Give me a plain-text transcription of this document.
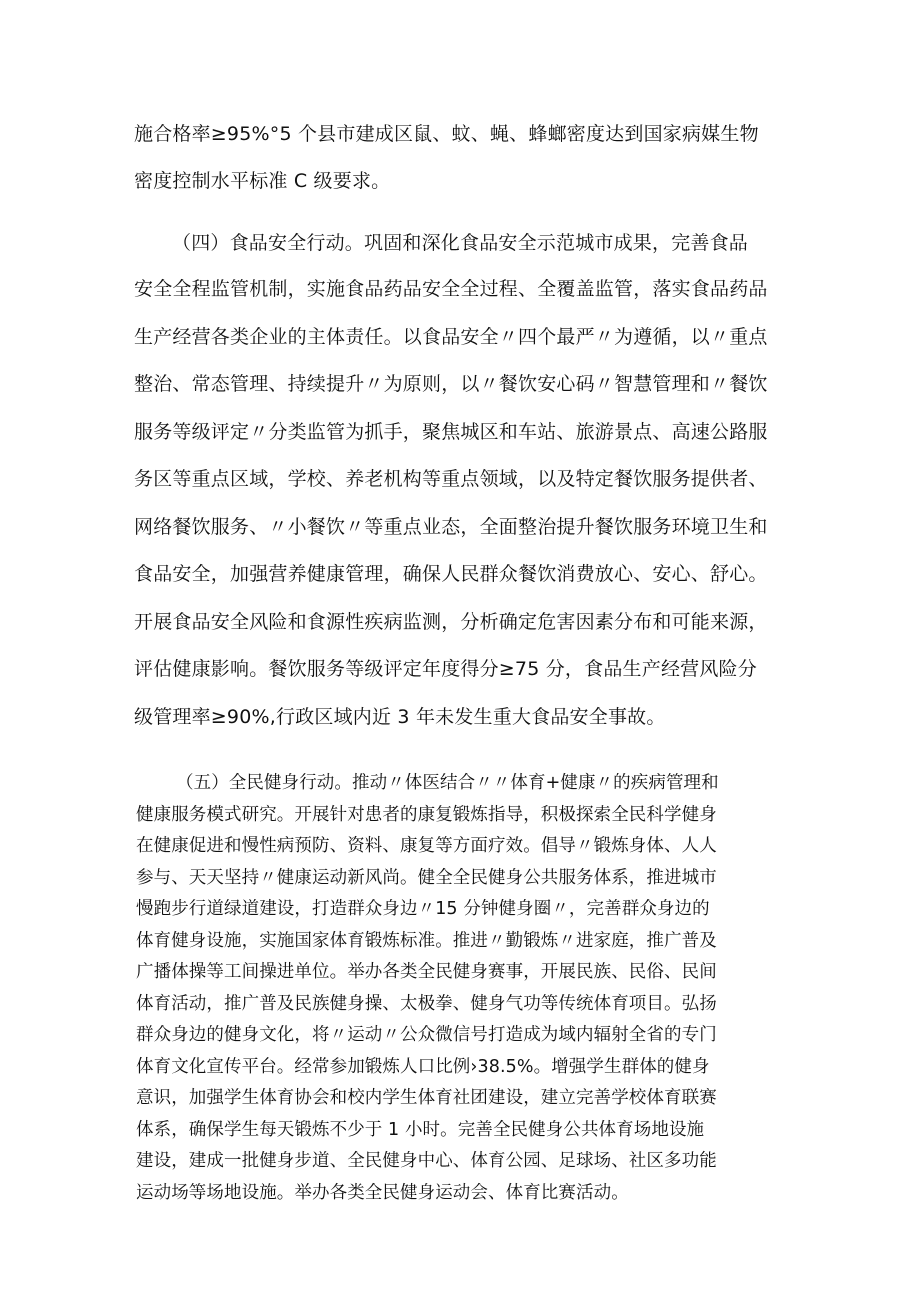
施合格率≥95%°5 个县市建成区鼠、蚊、蝇、蜂螂密度达到国家病媒生物

密度控制水平标准 C 级要求。

（四）食品安全行动。巩固和深化食品安全示范城市成果，完善食品

安全全程监管机制，实施食品药品安全全过程、全覆盖监管，落实食品药品

生产经营各类企业的主体责任。以食品安全〃四个最严〃为遵循，以〃重点

整治、常态管理、持续提升〃为原则，以〃餐饮安心码〃智慧管理和〃餐饮

服务等级评定〃分类监管为抓手，聚焦城区和车站、旅游景点、高速公路服

务区等重点区域，学校、养老机构等重点领域，以及特定餐饮服务提供者、

网络餐饮服务、〃小餐饮〃等重点业态，全面整治提升餐饮服务环境卫生和

食品安全，加强营养健康管理，确保人民群众餐饮消费放心、安心、舒心。

开展食品安全风险和食源性疾病监测，分析确定危害因素分布和可能来源，

评估健康影响。餐饮服务等级评定年度得分≥75 分，食品生产经营风险分

级管理率≥90%,行政区域内近 3 年未发生重大食品安全事故。

（五）全民健身行动。推动〃体医结合〃〃体育+健康〃的疾病管理和

健康服务模式研究。开展针对患者的康复锻炼指导，积极探索全民科学健身

在健康促进和慢性病预防、资料、康复等方面疗效。倡导〃锻炼身体、人人

参与、天天坚持〃健康运动新风尚。健全全民健身公共服务体系，推进城市

慢跑步行道绿道建设，打造群众身边〃15 分钟健身圈〃，完善群众身边的

体育健身设施，实施国家体育锻炼标准。推进〃勤锻炼〃进家庭，推广普及

广播体操等工间操进单位。举办各类全民健身赛事，开展民族、民俗、民间

体育活动，推广普及民族健身操、太极拳、健身气功等传统体育项目。弘扬

群众身边的健身文化，将〃运动〃公众微信号打造成为域内辐射全省的专门

体育文化宣传平台。经常参加锻炼人口比例›38.5%。增强学生群体的健身

意识，加强学生体育协会和校内学生体育社团建设，建立完善学校体育联赛

体系，确保学生每天锻炼不少于 1 小时。完善全民健身公共体育场地设施

建设，建成一批健身步道、全民健身中心、体育公园、足球场、社区多功能

运动场等场地设施。举办各类全民健身运动会、体育比赛活动。
